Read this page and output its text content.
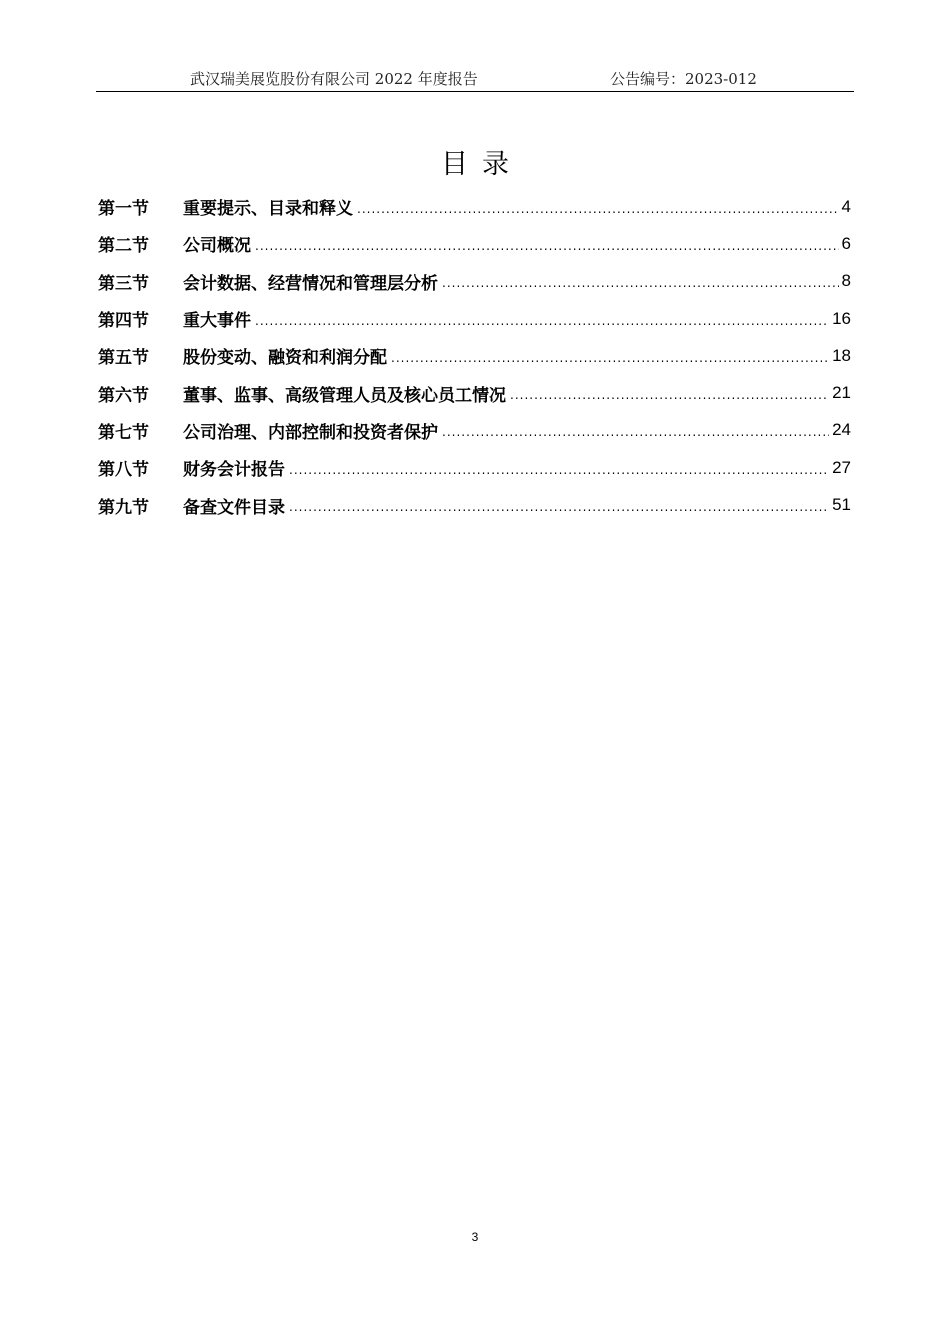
武汉瑞美展览股份有限公司 2022 年度报告	公告编号：2023-012
目录
第一节	重要提示、目录和释义 .....	4
第二节	公司概况 .....	6
第三节	会计数据、经营情况和管理层分析 .....	8
第四节	重大事件 .....	16
第五节	股份变动、融资和利润分配 .....	18
第六节	董事、监事、高级管理人员及核心员工情况 .....	21
第七节	公司治理、内部控制和投资者保护 .....	24
第八节	财务会计报告 .....	27
第九节	备查文件目录 .....	51
3
